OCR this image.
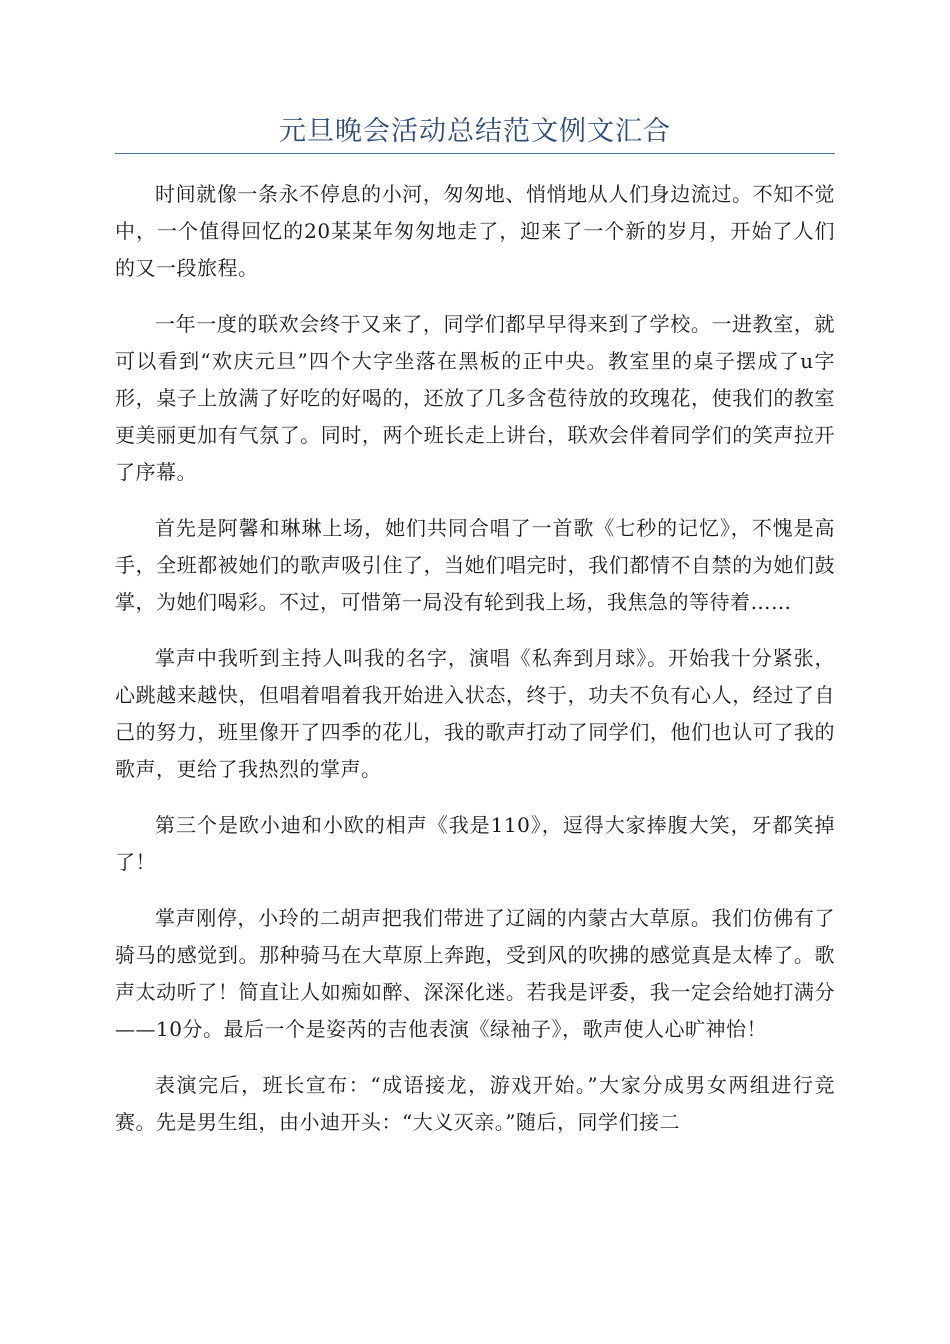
元旦晚会活动总结范文例文汇合

时间就像一条永不停息的小河，匆匆地、悄悄地从人们身边流过。不知不觉中，一个值得回忆的20某某年匆匆地走了，迎来了一个新的岁月，开始了人们的又一段旅程。

一年一度的联欢会终于又来了，同学们都早早得来到了学校。一进教室，就可以看到“欢庆元旦”四个大字坐落在黑板的正中央。教室里的桌子摆成了u字形，桌子上放满了好吃的好喝的，还放了几多含苞待放的玫瑰花，使我们的教室更美丽更加有气氛了。同时，两个班长走上讲台，联欢会伴着同学们的笑声拉开了序幕。

首先是阿馨和琳琳上场，她们共同合唱了一首歌《七秒的记忆》，不愧是高手，全班都被她们的歌声吸引住了，当她们唱完时，我们都情不自禁的为她们鼓掌，为她们喝彩。不过，可惜第一局没有轮到我上场，我焦急的等待着……

掌声中我听到主持人叫我的名字，演唱《私奔到月球》。开始我十分紧张，心跳越来越快，但唱着唱着我开始进入状态，终于，功夫不负有心人，经过了自己的努力，班里像开了四季的花儿，我的歌声打动了同学们，他们也认可了我的歌声，更给了我热烈的掌声。

第三个是欧小迪和小欧的相声《我是110》，逗得大家捧腹大笑，牙都笑掉了！

掌声刚停，小玲的二胡声把我们带进了辽阔的内蒙古大草原。我们仿佛有了骑马的感觉到。那种骑马在大草原上奔跑，受到风的吹拂的感觉真是太棒了。歌声太动听了！简直让人如痴如醉、深深化迷。若我是评委，我一定会给她打满分——10分。最后一个是姿芮的吉他表演《绿袖子》，歌声使人心旷神怡！

表演完后，班长宣布：“成语接龙，游戏开始。”大家分成男女两组进行竞赛。先是男生组，由小迪开头：“大义灭亲。”随后，同学们接二
